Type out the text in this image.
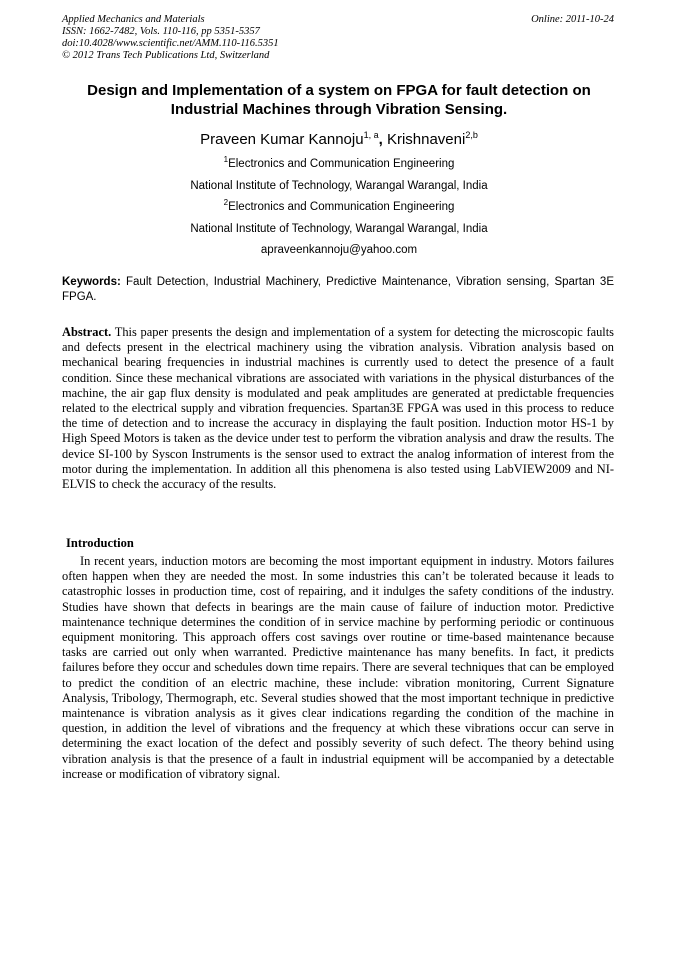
Applied Mechanics and Materials
ISSN: 1662-7482, Vols. 110-116, pp 5351-5357
doi:10.4028/www.scientific.net/AMM.110-116.5351
© 2012 Trans Tech Publications Ltd, Switzerland
Online: 2011-10-24
Design and Implementation of a system on FPGA for fault detection on Industrial Machines through Vibration Sensing.
Praveen Kumar Kannoju$^{1, a}$, Krishnaveni$^{2,b}$
$^1$Electronics and Communication Engineering
National Institute of Technology, Warangal Warangal, India
$^2$Electronics and Communication Engineering
National Institute of Technology, Warangal Warangal, India
apraveenkannoju@yahoo.com
Keywords: Fault Detection, Industrial Machinery, Predictive Maintenance, Vibration sensing, Spartan 3E FPGA.
Abstract. This paper presents the design and implementation of a system for detecting the microscopic faults and defects present in the electrical machinery using the vibration analysis. Vibration analysis based on mechanical bearing frequencies in industrial machines is currently used to detect the presence of a fault condition. Since these mechanical vibrations are associated with variations in the physical disturbances of the machine, the air gap flux density is modulated and peak amplitudes are generated at predictable frequencies related to the electrical supply and vibration frequencies. Spartan3E FPGA was used in this process to reduce the time of detection and to increase the accuracy in displaying the fault position. Induction motor HS-1 by High Speed Motors is taken as the device under test to perform the vibration analysis and draw the results. The device SI-100 by Syscon Instruments is the sensor used to extract the analog information of interest from the motor during the implementation. In addition all this phenomena is also tested using LabVIEW2009 and NI-ELVIS to check the accuracy of the results.
Introduction
In recent years, induction motors are becoming the most important equipment in industry. Motors failures often happen when they are needed the most. In some industries this can’t be tolerated because it leads to catastrophic losses in production time, cost of repairing, and it indulges the safety conditions of the industry. Studies have shown that defects in bearings are the main cause of failure of induction motor. Predictive maintenance technique determines the condition of in service machine by performing periodic or continuous equipment monitoring. This approach offers cost savings over routine or time-based maintenance because tasks are carried out only when warranted. Predictive maintenance has many benefits. In fact, it predicts failures before they occur and schedules down time repairs. There are several techniques that can be employed to predict the condition of an electric machine, these include: vibration monitoring, Current Signature Analysis, Tribology, Thermograph, etc. Several studies showed that the most important technique in predictive maintenance is vibration analysis as it gives clear indications regarding the condition of the machine in question, in addition the level of vibrations and the frequency at which these vibrations occur can serve in determining the exact location of the defect and possibly severity of such defect. The theory behind using vibration analysis is that the presence of a fault in industrial equipment will be accompanied by a detectable increase or modification of vibratory signal.
